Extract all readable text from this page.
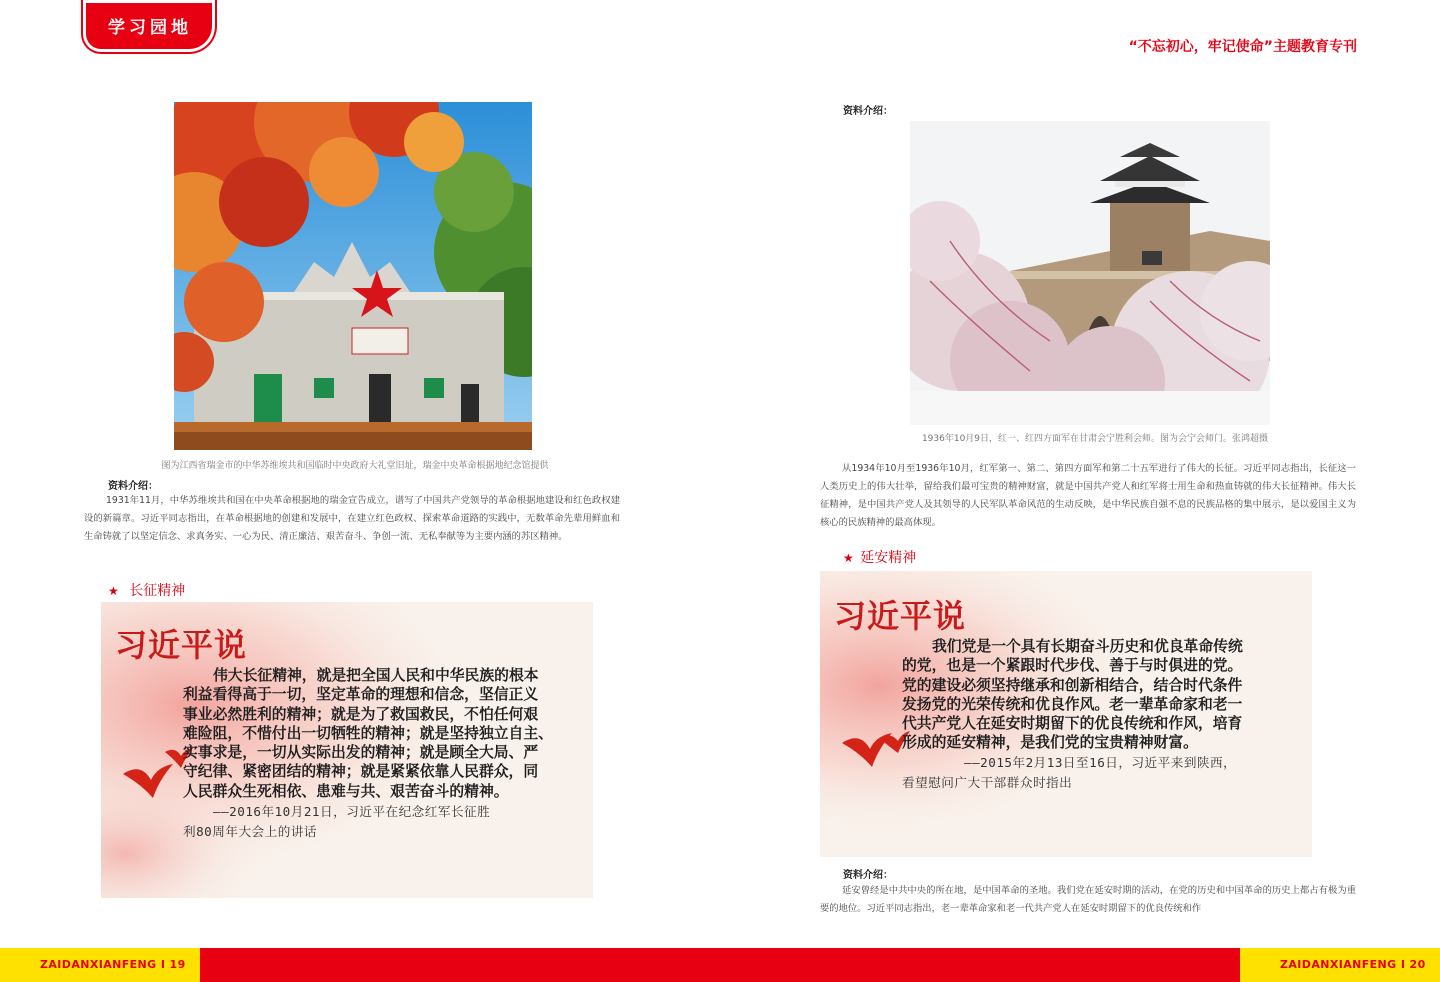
学习园地
“不忘初心，牢记使命”主题教育专刊
图为江西省瑞金市的中华苏维埃共和国临时中央政府大礼堂旧址，瑞金中央革命根据地纪念馆提供
资料介绍：
1931年11月，中华苏维埃共和国在中央革命根据地的瑞金宣告成立，谱写了中国共产党领导的革命根据地建设和红色政权建设的新篇章。习近平同志指出，在革命根据地的创建和发展中，在建立红色政权、探索革命道路的实践中，无数革命先辈用鲜血和生命铸就了以坚定信念、求真务实、一心为民、清正廉洁、艰苦奋斗、争创一流、无私奉献等为主要内涵的苏区精神。
★ 长征精神
习近平说
伟大长征精神，就是把全国人民和中华民族的根本
利益看得高于一切，坚定革命的理想和信念，坚信正义
事业必然胜利的精神；就是为了救国救民，不怕任何艰
难险阻，不惜付出一切牺牲的精神；就是坚持独立自主、
实事求是，一切从实际出发的精神；就是顾全大局、严
守纪律、紧密团结的精神；就是紧紧依靠人民群众，同
人民群众生死相依、患难与共、艰苦奋斗的精神。
——2016年10月21日，习近平在纪念红军长征胜
利80周年大会上的讲话
资料介绍：
1936年10月9日，红一、红四方面军在甘肃会宁胜利会师。图为会宁会师门。张鸿超摄
从1934年10月至1936年10月，红军第一、第二、第四方面军和第二十五军进行了伟大的长征。习近平同志指出，长征这一人类历史上的伟大壮举，留给我们最可宝贵的精神财富，就是中国共产党人和红军将士用生命和热血铸就的伟大长征精神。伟大长征精神，是中国共产党人及其领导的人民军队革命风范的生动反映，是中华民族自强不息的民族品格的集中展示，是以爱国主义为核心的民族精神的最高体现。
★ 延安精神
习近平说
我们党是一个具有长期奋斗历史和优良革命传统
的党，也是一个紧跟时代步伐、善于与时俱进的党。
党的建设必须坚持继承和创新相结合，结合时代条件
发扬党的光荣传统和优良作风。老一辈革命家和老一
代共产党人在延安时期留下的优良传统和作风，培育
形成的延安精神，是我们党的宝贵精神财富。
——2015年2月13日至16日，习近平来到陕西，
看望慰问广大干部群众时指出
资料介绍：
延安曾经是中共中央的所在地，是中国革命的圣地。我们党在延安时期的活动，在党的历史和中国革命的历史上都占有极为重要的地位。习近平同志指出，老一辈革命家和老一代共产党人在延安时期留下的优良传统和作
ZAIDANXIANFENG I 19	ZAIDANXIANFENG I 20
